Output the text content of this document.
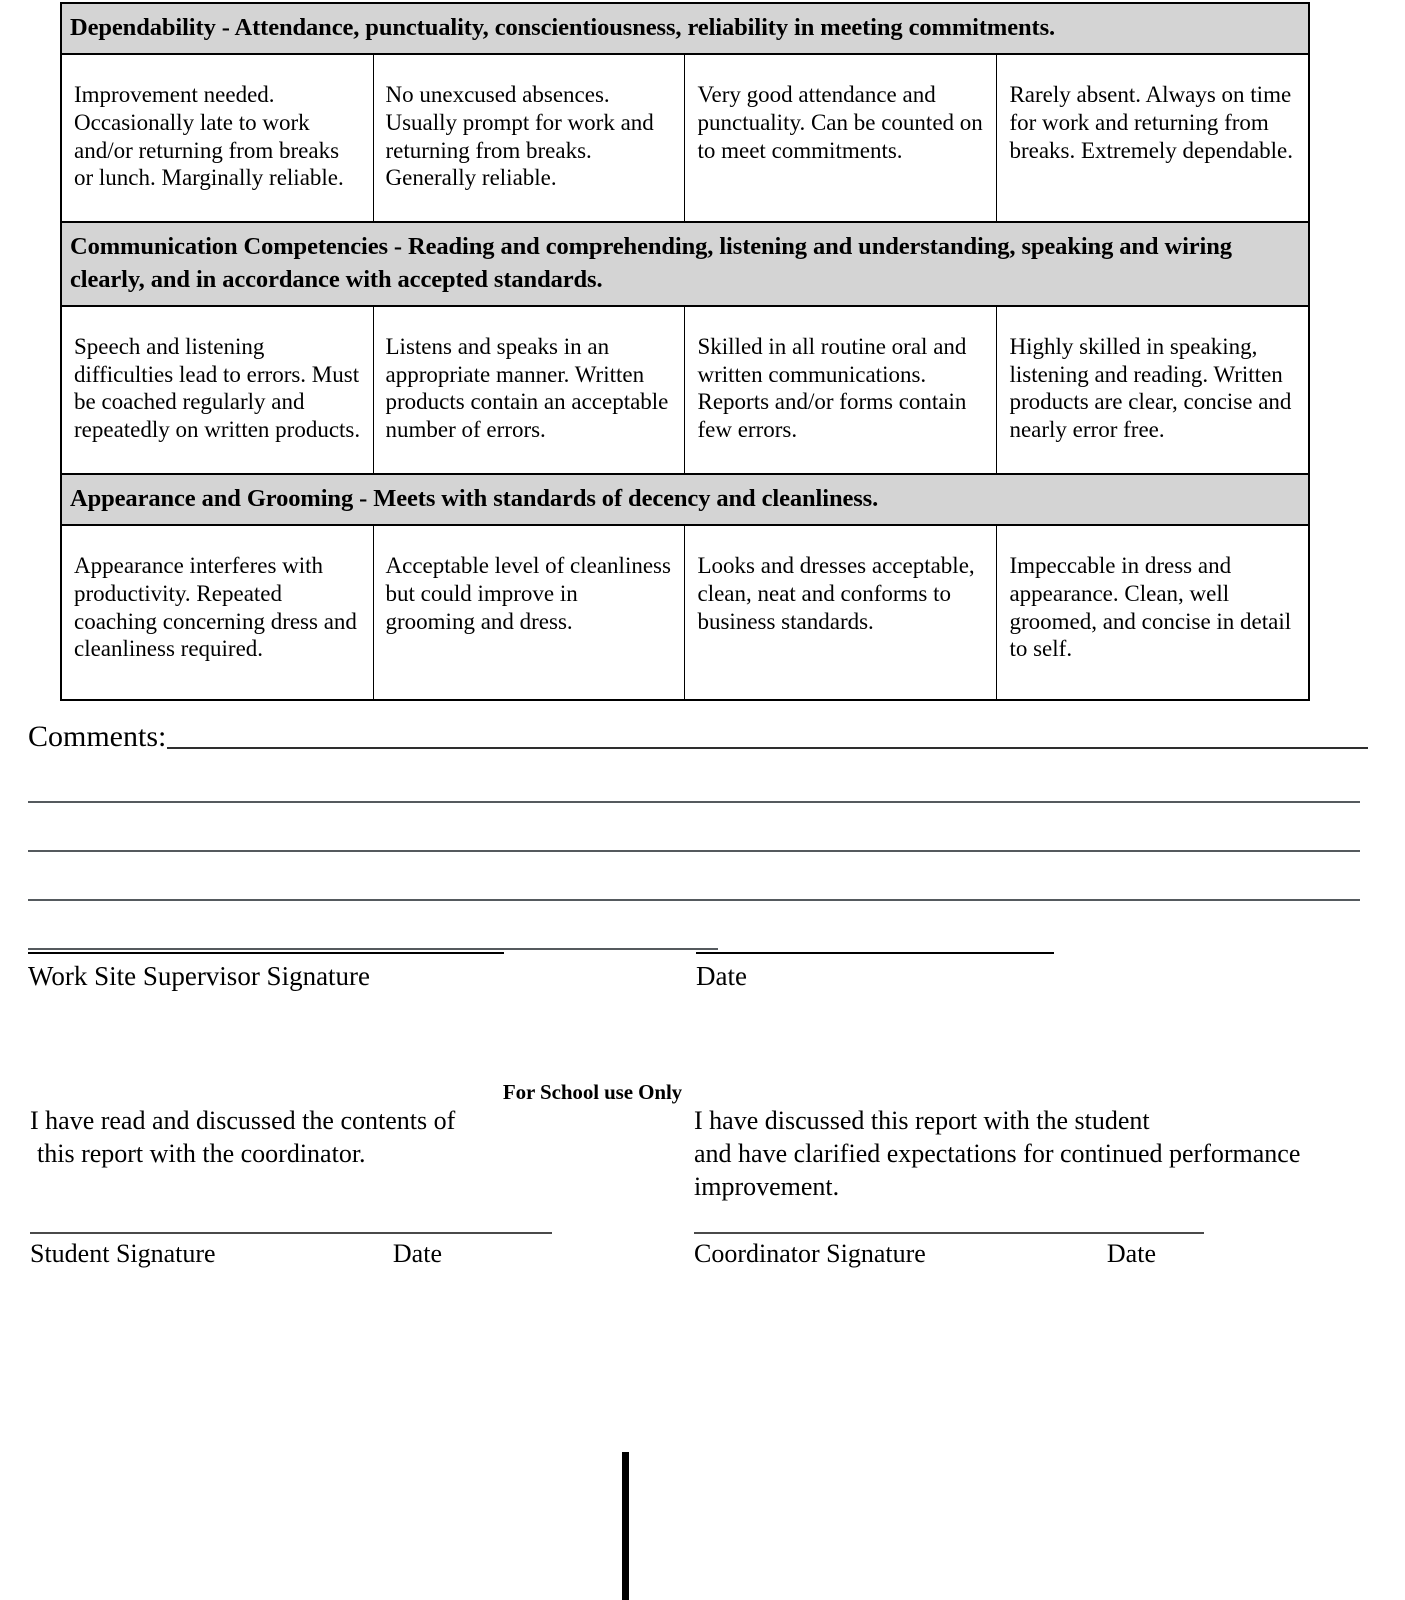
Dependability - Attendance, punctuality, conscientiousness, reliability in meeting commitments.			
Improvement needed. Occasionally late to work and/or returning from breaks or lunch. Marginally reliable.	No unexcused absences. Usually prompt for work and returning from breaks. Generally reliable.	Very good attendance and punctuality. Can be counted on to meet commitments.	Rarely absent. Always on time for work and returning from breaks. Extremely dependable.
Communication Competencies - Reading and comprehending, listening and understanding, speaking and wiring clearly, and in accordance with accepted standards.			
Speech and listening difficulties lead to errors. Must be coached regularly and repeatedly on written products.	Listens and speaks in an appropriate manner. Written products contain an acceptable number of errors.	Skilled in all routine oral and written communications. Reports and/or forms contain few errors.	Highly skilled in speaking, listening and reading. Written products are clear, concise and nearly error free.
Appearance and Grooming - Meets with standards of decency and cleanliness.			
Appearance interferes with productivity. Repeated coaching concerning dress and cleanliness required.	Acceptable level of cleanliness but could improve in grooming and dress.	Looks and dresses acceptable, clean, neat and conforms to business standards.	Impeccable in dress and appearance. Clean, well groomed, and concise in detail to self.
Comments:
Work Site Supervisor Signature	Date
For School use Only
I have read and discussed the contents of
this report with the coordinator.
I have discussed this report with the student
and have clarified expectations for continued performance
improvement.
Student Signature	Date	Coordinator Signature	Date
